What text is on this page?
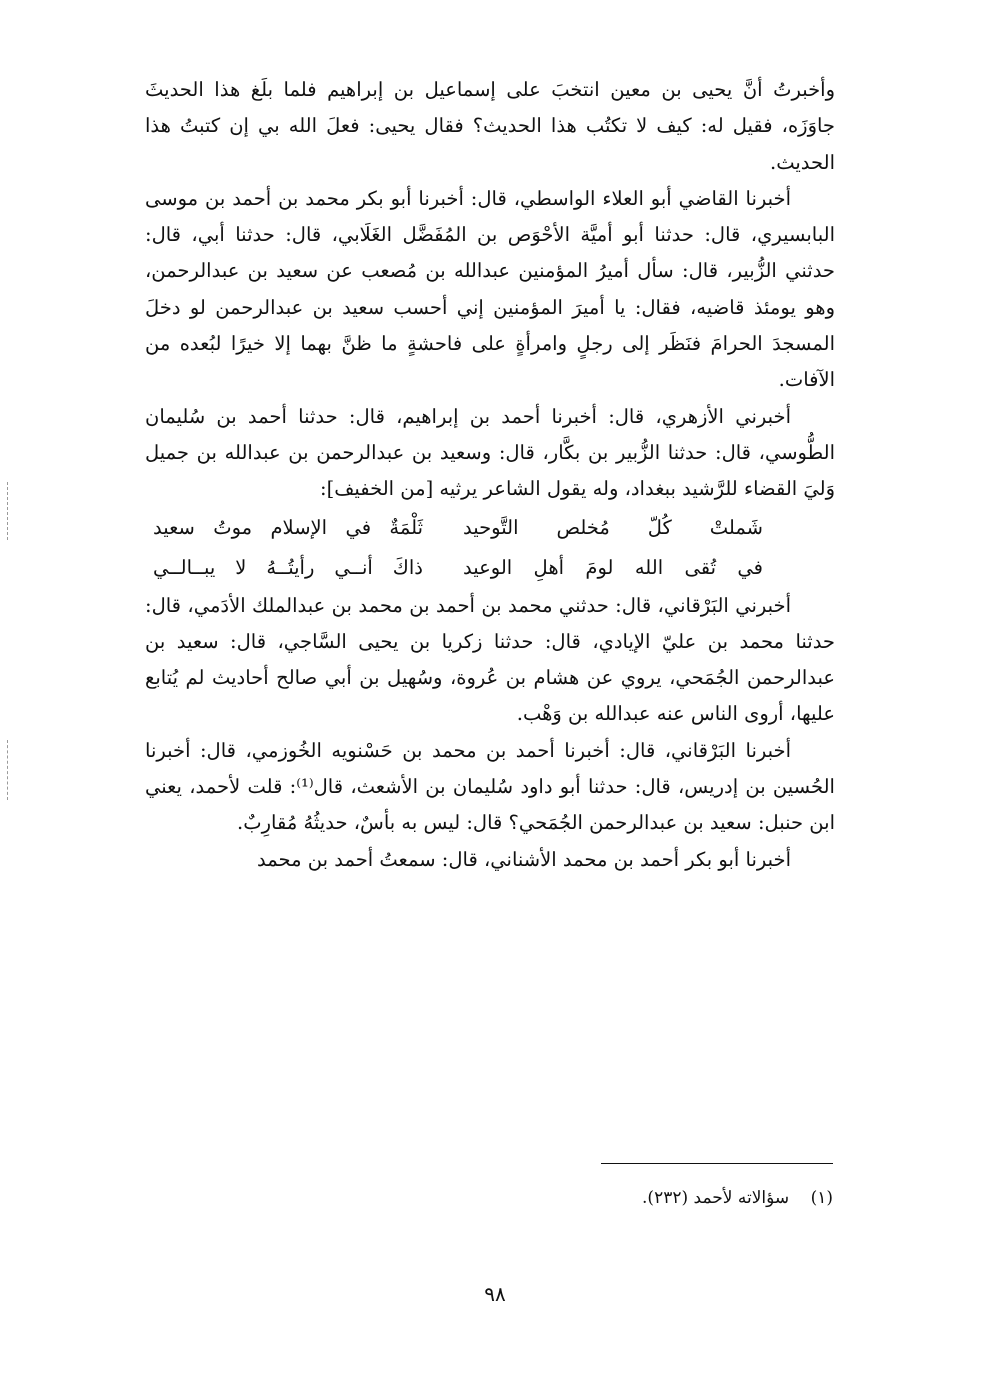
وأخبرتُ أنَّ يحيى بن معين انتخبَ على إسماعيل بن إبراهيم فلما بلَغ هذا الحديثَ جاوَزَه، فقيل له: كيف لا تكتُب هذا الحديث؟ فقال يحيى: فعلَ الله بي إن كتبتُ هذا الحديث.

أخبرنا القاضي أبو العلاء الواسطي، قال: أخبرنا أبو بكر محمد بن أحمد بن موسى البابسيري، قال: حدثنا أبو أميَّة الأحْوَص بن المُفَضَّل الغَلَابي، قال: حدثنا أبي، قال: حدثني الزُّبير، قال: سأل أميرُ المؤمنين عبدالله بن مُصعب عن سعيد بن عبدالرحمن، وهو يومئذ قاضيه، فقال: يا أميرَ المؤمنين إني أحسب سعيد بن عبدالرحمن لو دخلَ المسجدَ الحرامَ فنَظَر إلى رجلٍ وامرأةٍ على فاحشةٍ ما ظنَّ بهما إلا خيرًا لبُعده من الآفات.

أخبرني الأزهري، قال: أخبرنا أحمد بن إبراهيم، قال: حدثنا أحمد بن سُليمان الطُّوسي، قال: حدثنا الزُّبير بن بكَّار، قال: وسعيد بن عبدالرحمن بن عبدالله بن جميل وَليَ القضاء للرَّشيد ببغداد، وله يقول الشاعر يرثيه [من الخفيف]:

شَملتْ كُلّ مُخلص التَّوحيد
ثَلْمَةٌ في الإسلام موتُ سعيد
في تُقى الله لومَ أهلِ الوعيد
ذاكَ أنــي رأيتُــهُ لا يبــالــي

أخبرني البَرْقاني، قال: حدثني محمد بن أحمد بن محمد بن عبدالملك الأدَمي، قال: حدثنا محمد بن عليّ الإيادي، قال: حدثنا زكريا بن يحيى السَّاجي، قال: سعيد بن عبدالرحمن الجُمَحي، يروي عن هشام بن عُروة، وسُهيل بن أبي صالح أحاديث لم يُتابع عليها، أروى الناس عنه عبدالله بن وَهْب.

أخبرنا البَرْقاني، قال: أخبرنا أحمد بن محمد بن حَسْنويه الخُوزمي، قال: أخبرنا الحُسين بن إدريس، قال: حدثنا أبو داود سُليمان بن الأشعث، قال⁽¹⁾: قلت لأحمد، يعني ابن حنبل: سعيد بن عبدالرحمن الجُمَحي؟ قال: ليس به بأسٌ، حديثُهُ مُقارِبٌ.

أخبرنا أبو بكر أحمد بن محمد الأشناني، قال: سمعتُ أحمد بن محمد

(١) سؤالاته لأحمد (٢٣٢).
٩٨
